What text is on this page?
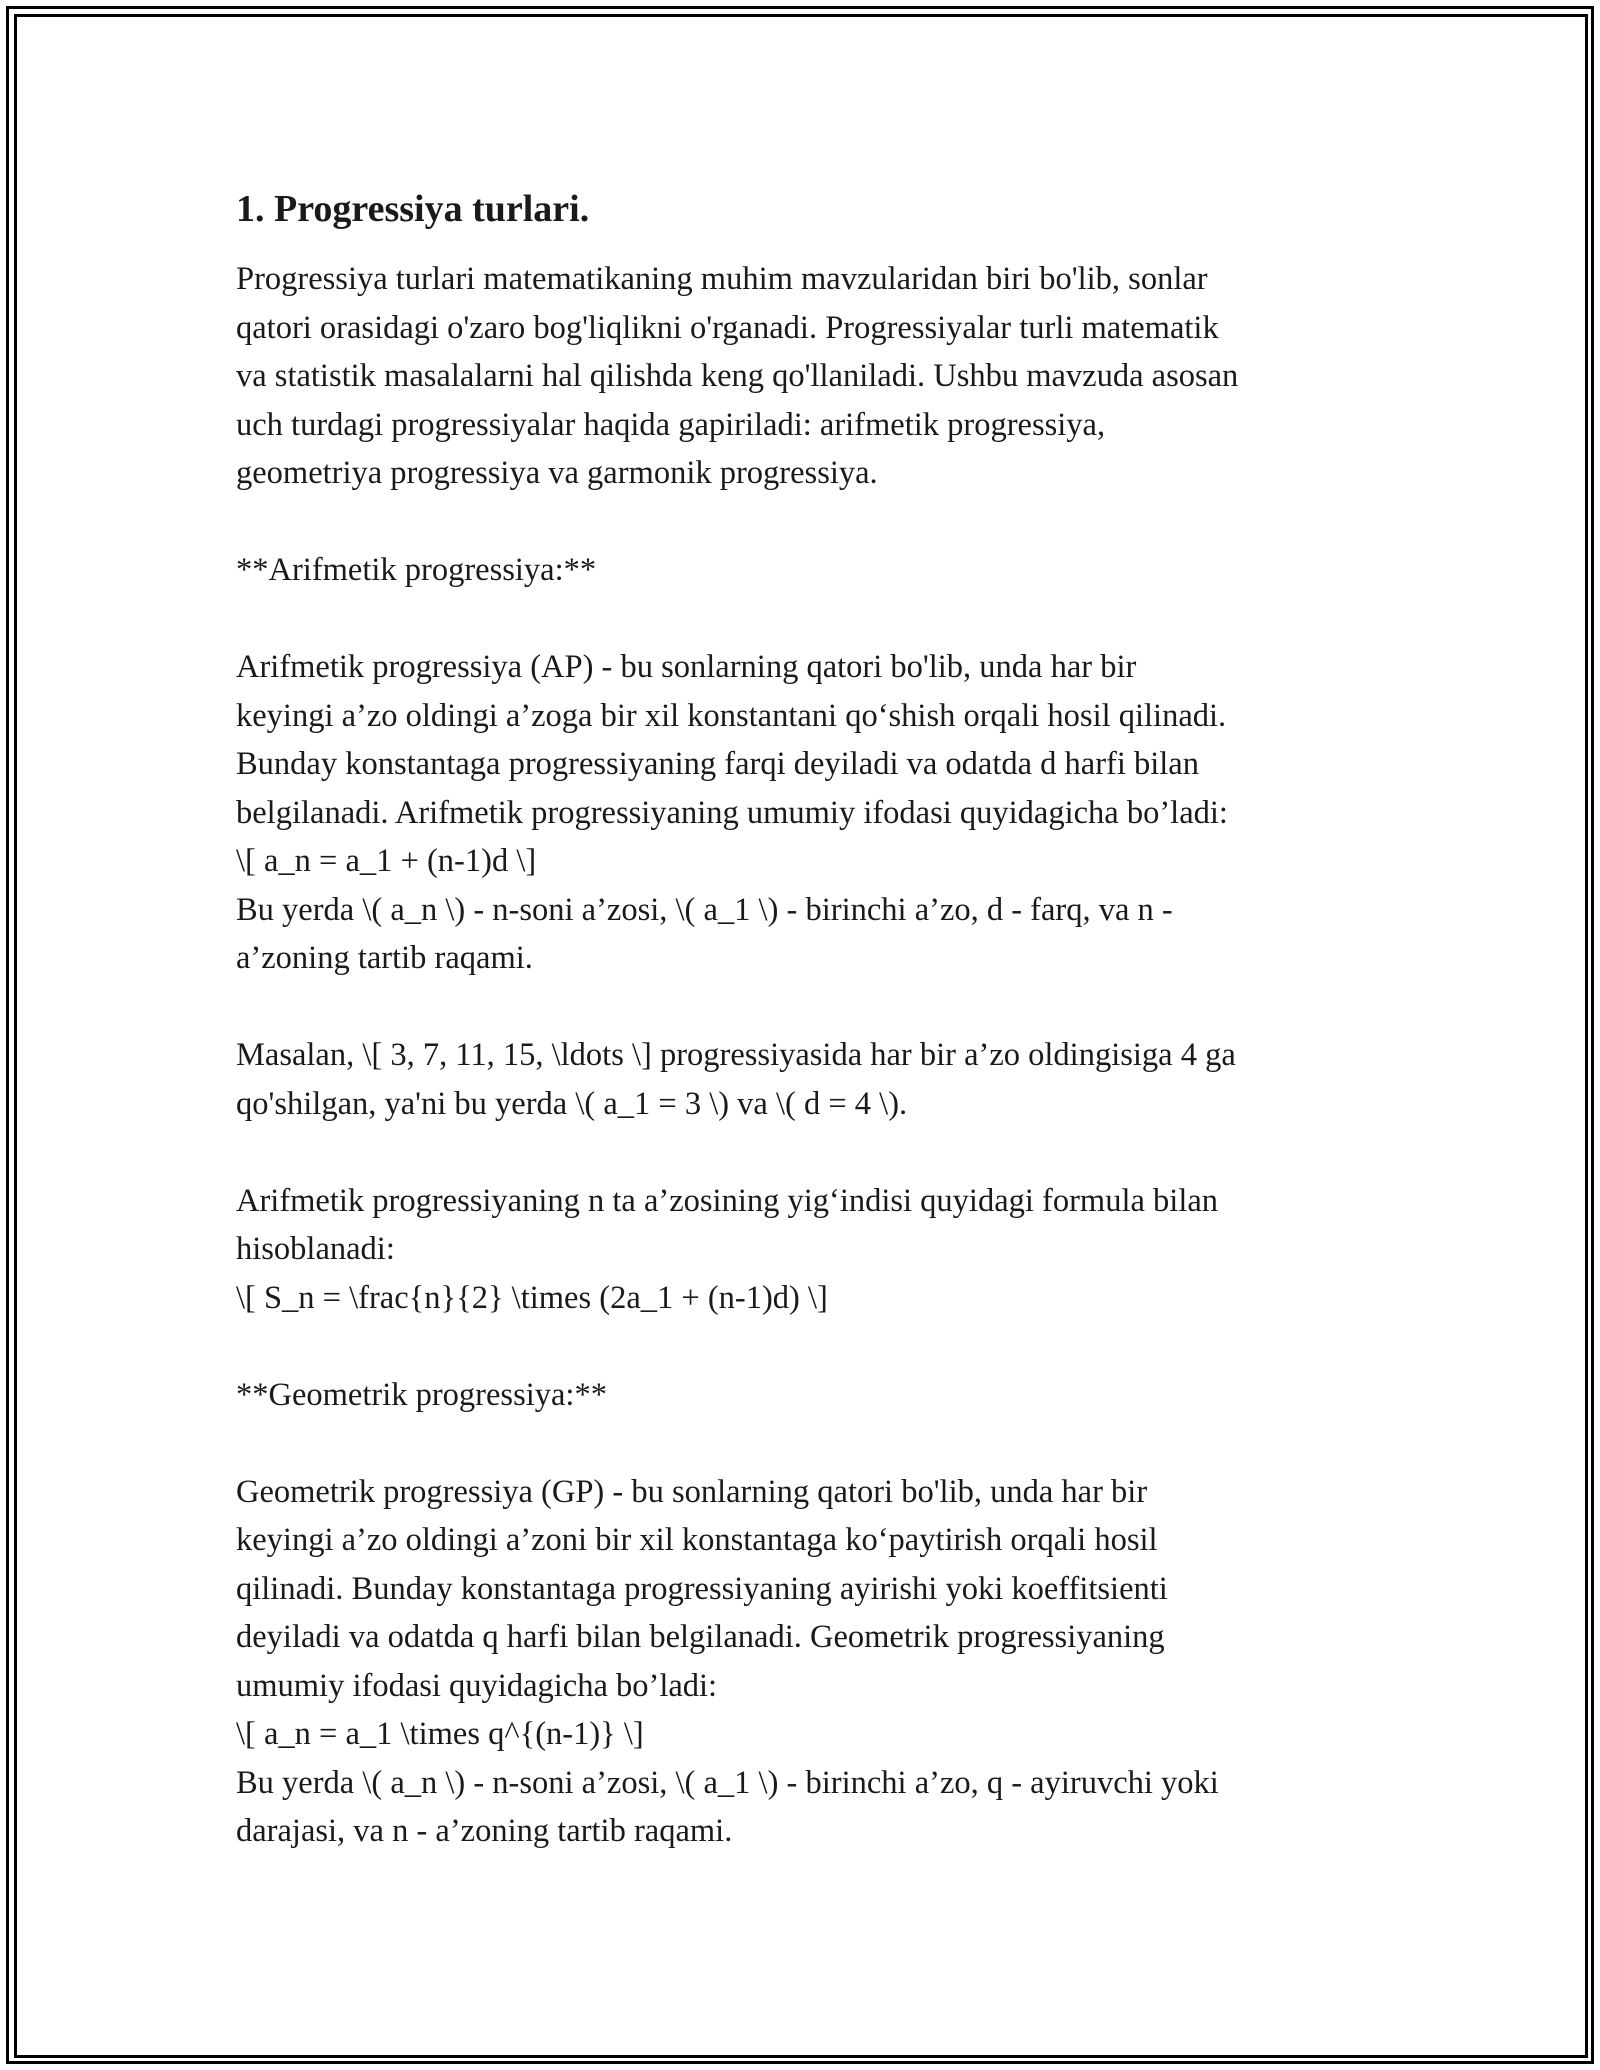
1. Progressiya turlari.

Progressiya turlari matematikaning muhim mavzularidan biri bo'lib, sonlar
qatori orasidagi o'zaro bog'liqlikni o'rganadi. Progressiyalar turli matematik
va statistik masalalarni hal qilishda keng qo'llaniladi. Ushbu mavzuda asosan
uch turdagi progressiyalar haqida gapiriladi: arifmetik progressiya,
geometriya progressiya va garmonik progressiya.

**Arifmetik progressiya:**

Arifmetik progressiya (AP) - bu sonlarning qatori bo'lib, unda har bir
keyingi a’zo oldingi a’zoga bir xil konstantani qo‘shish orqali hosil qilinadi.
Bunday konstantaga progressiyaning farqi deyiladi va odatda d harfi bilan
belgilanadi. Arifmetik progressiyaning umumiy ifodasi quyidagicha bo’ladi:
\[ a_n = a_1 + (n-1)d \]
Bu yerda \( a_n \) - n-soni a’zosi, \( a_1 \) - birinchi a’zo, d - farq, va n -
a’zoning tartib raqami.

Masalan, \[ 3, 7, 11, 15, \ldots \] progressiyasida har bir a’zo oldingisiga 4 ga
qo'shilgan, ya'ni bu yerda \( a_1 = 3 \) va \( d = 4 \).

Arifmetik progressiyaning n ta a’zosining yig‘indisi quyidagi formula bilan
hisoblanadi:
\[ S_n = \frac{n}{2} \times (2a_1 + (n-1)d) \]

**Geometrik progressiya:**

Geometrik progressiya (GP) - bu sonlarning qatori bo'lib, unda har bir
keyingi a’zo oldingi a’zoni bir xil konstantaga ko‘paytirish orqali hosil
qilinadi. Bunday konstantaga progressiyaning ayirishi yoki koeffitsienti
deyiladi va odatda q harfi bilan belgilanadi. Geometrik progressiyaning
umumiy ifodasi quyidagicha bo’ladi:
\[ a_n = a_1 \times q^{(n-1)} \]
Bu yerda \( a_n \) - n-soni a’zosi, \( a_1 \) - birinchi a’zo, q - ayiruvchi yoki
darajasi, va n - a’zoning tartib raqami.
